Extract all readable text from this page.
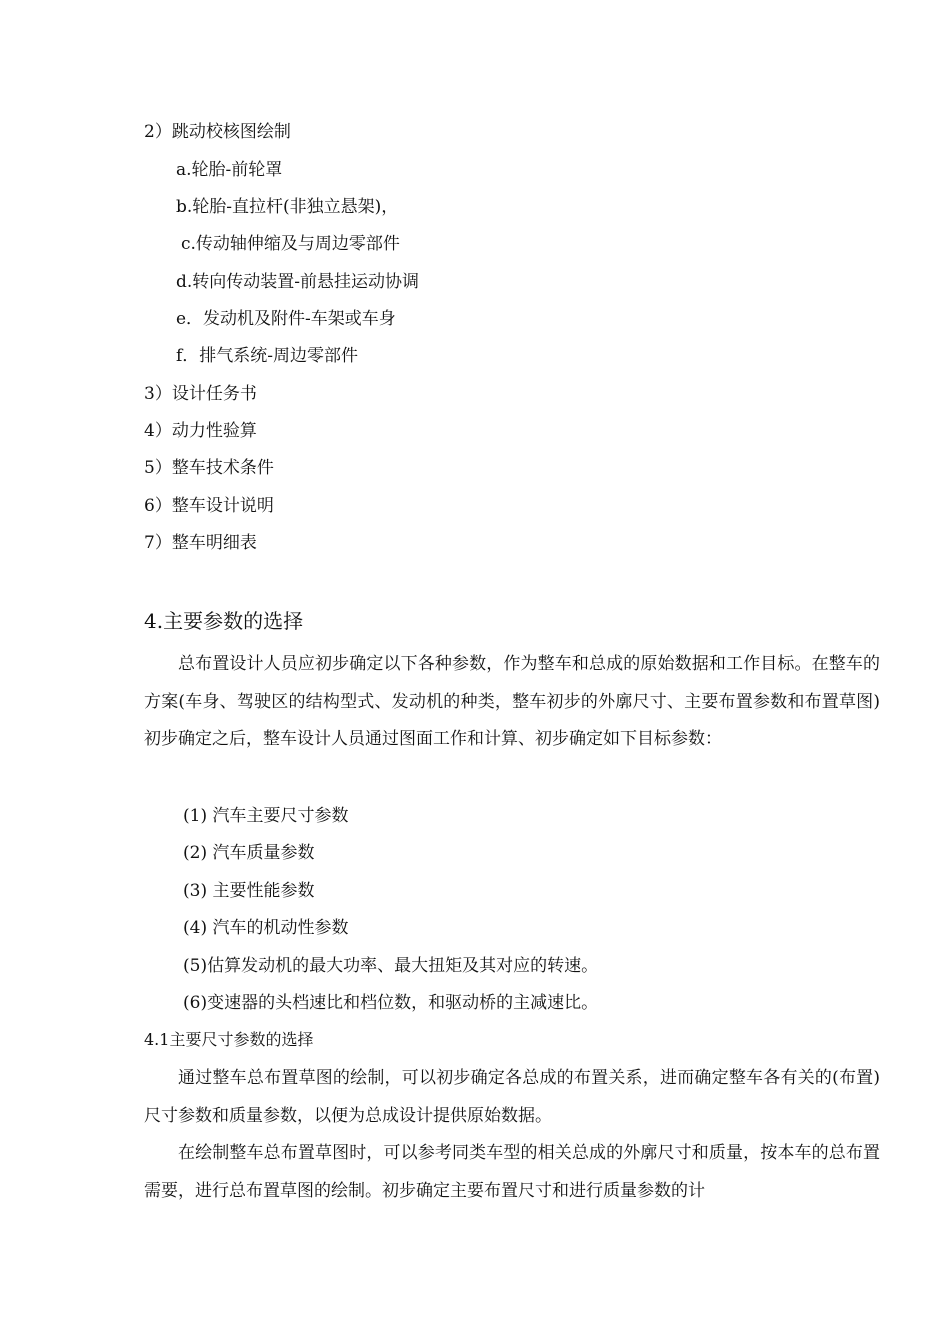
2）跳动校核图绘制
a.轮胎-前轮罩
b.轮胎-直拉杆(非独立悬架)，
c.传动轴伸缩及与周边零部件
d.转向传动装置-前悬挂运动协调
e．发动机及附件-车架或车身
f．排气系统-周边零部件
3）设计任务书
4）动力性验算
5）整车技术条件
6）整车设计说明
7）整车明细表
4.主要参数的选择

总布置设计人员应初步确定以下各种参数，作为整车和总成的原始数据和工作目标。在整车的方案(车身、驾驶区的结构型式、发动机的种类，整车初步的外廓尺寸、主要布置参数和布置草图)初步确定之后，整车设计人员通过图面工作和计算、初步确定如下目标参数：

(1) 汽车主要尺寸参数
(2) 汽车质量参数
(3) 主要性能参数
(4) 汽车的机动性参数
(5)估算发动机的最大功率、最大扭矩及其对应的转速。
(6)变速器的头档速比和档位数，和驱动桥的主减速比。
4.1主要尺寸参数的选择

通过整车总布置草图的绘制，可以初步确定各总成的布置关系，进而确定整车各有关的(布置)尺寸参数和质量参数，以便为总成设计提供原始数据。

在绘制整车总布置草图时，可以参考同类车型的相关总成的外廓尺寸和质量，按本车的总布置需要，进行总布置草图的绘制。初步确定主要布置尺寸和进行质量参数的计
